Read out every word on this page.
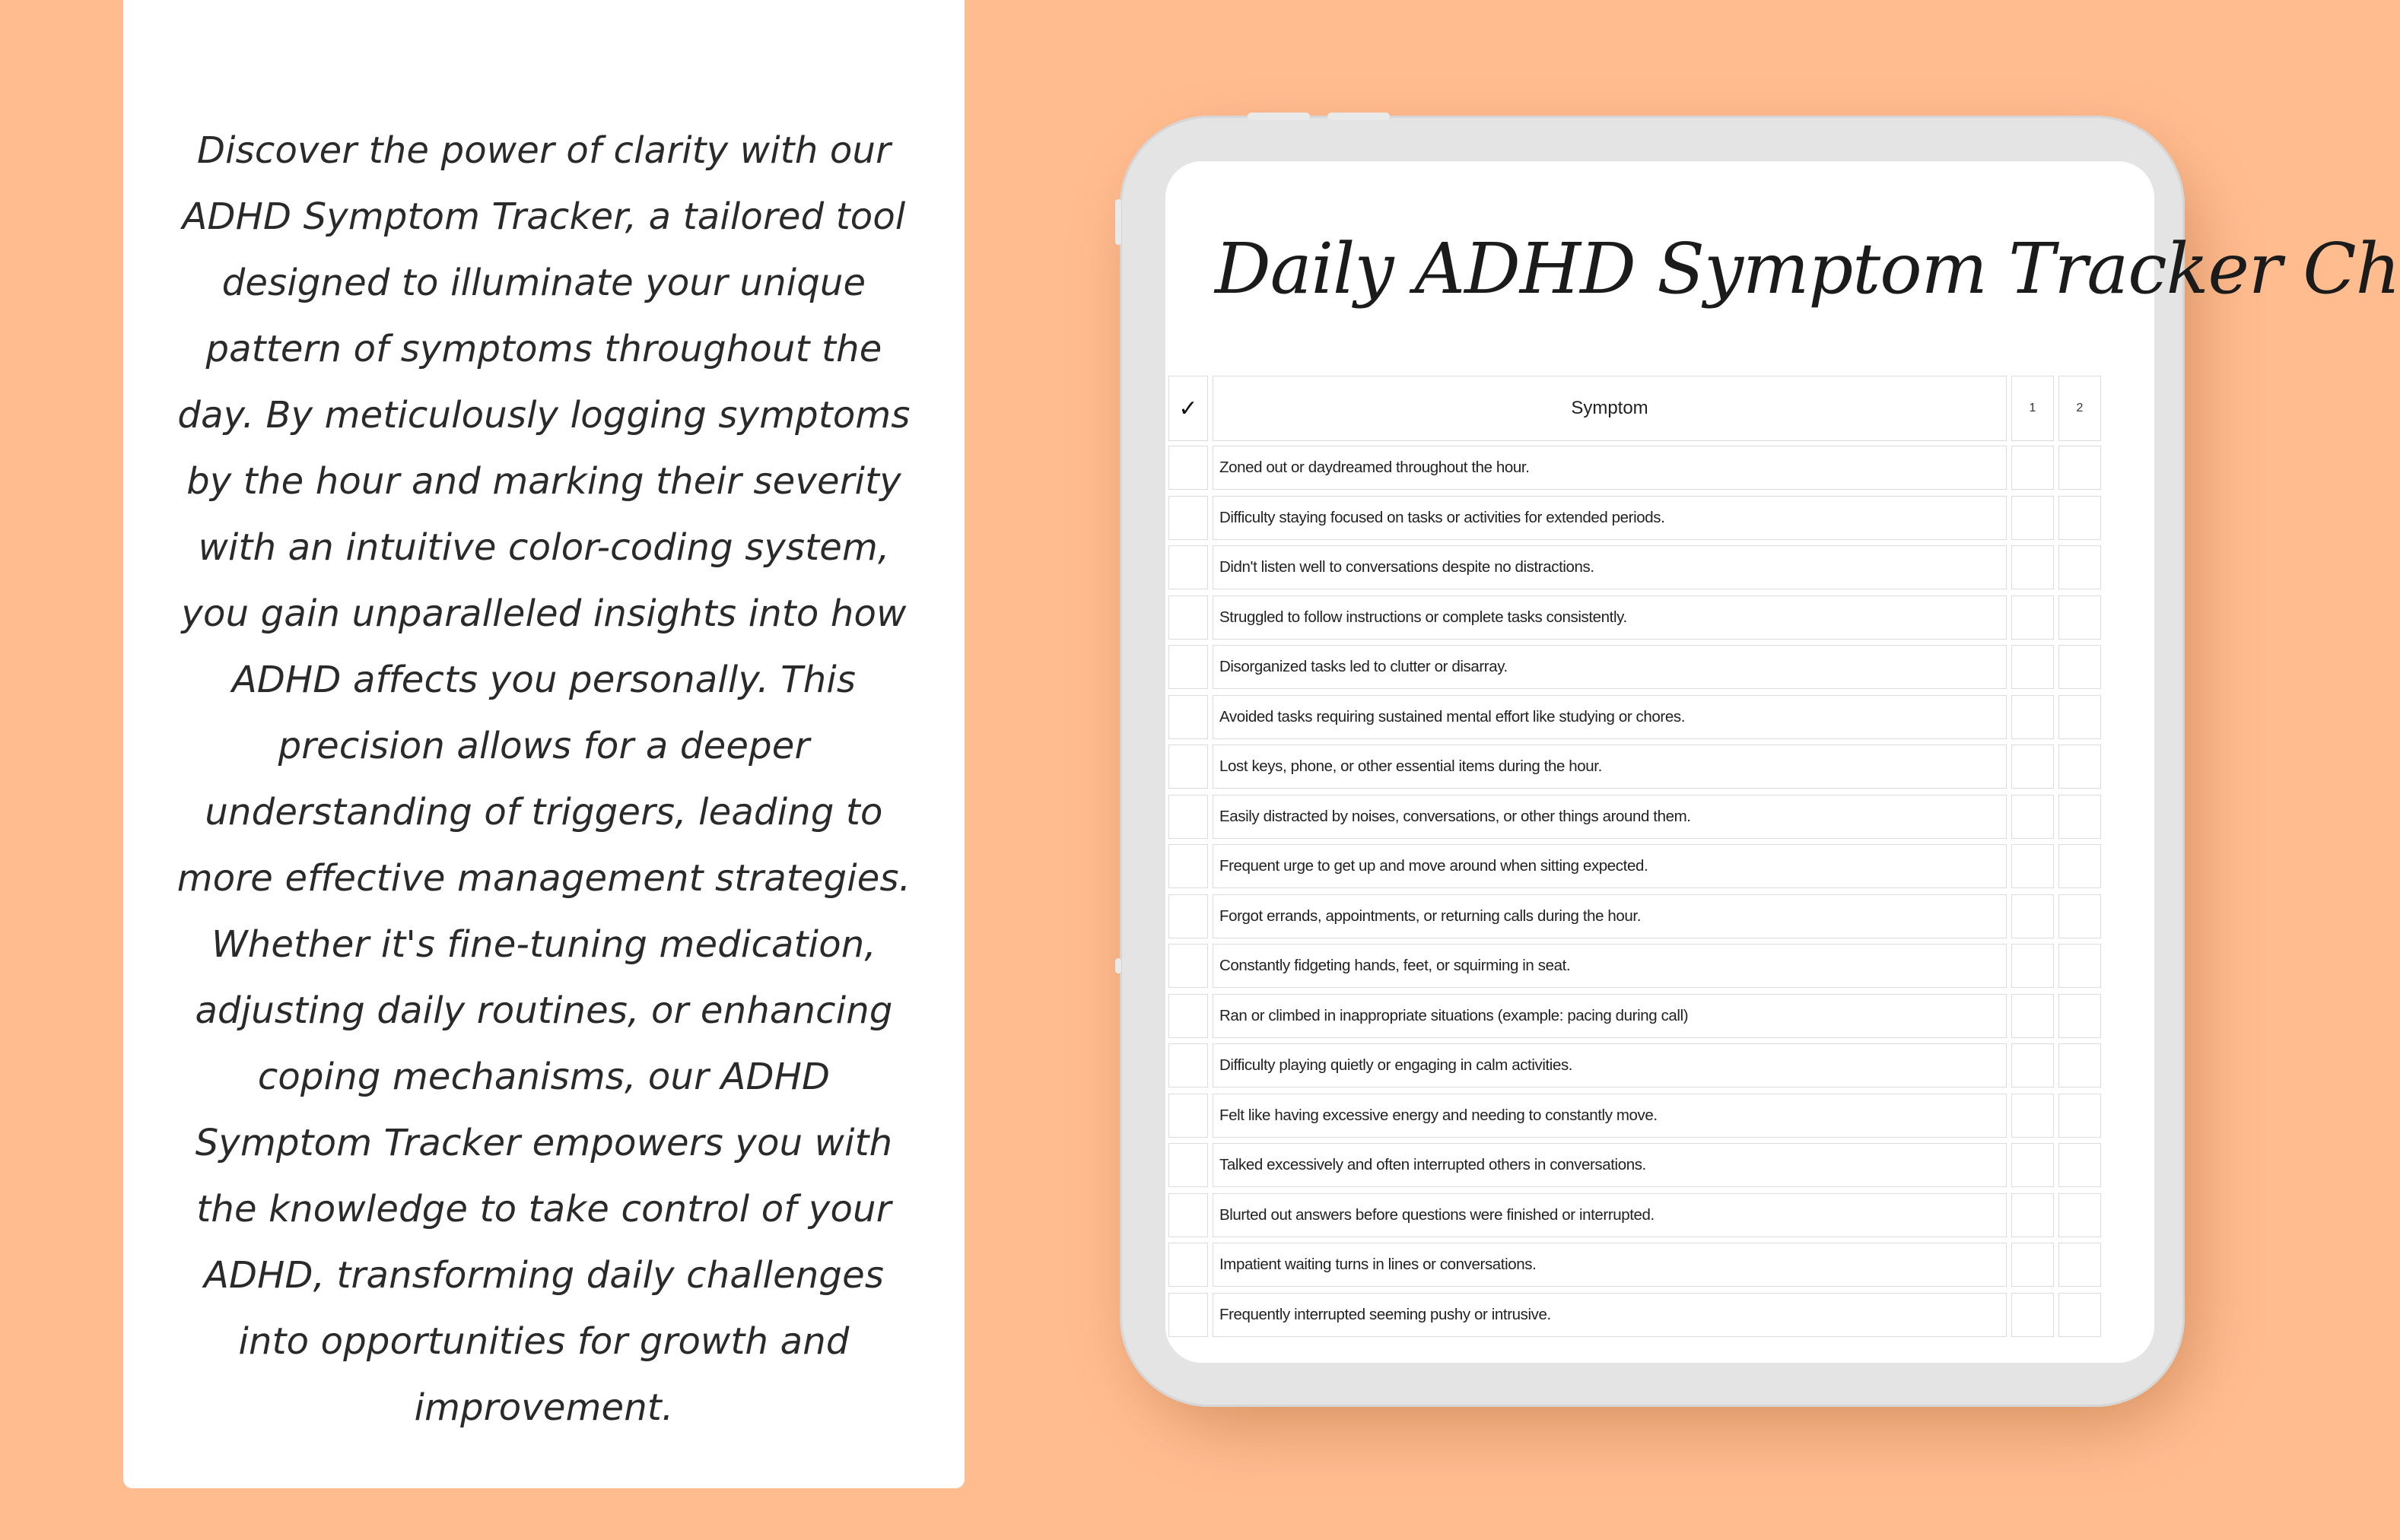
Discover the power of clarity with our ADHD Symptom Tracker, a tailored tool designed to illuminate your unique pattern of symptoms throughout the day. By meticulously logging symptoms by the hour and marking their severity with an intuitive color-coding system, you gain unparalleled insights into how ADHD affects you personally. This precision allows for a deeper understanding of triggers, leading to more effective management strategies. Whether it's fine-tuning medication, adjusting daily routines, or enhancing coping mechanisms, our ADHD Symptom Tracker empowers you with the knowledge to take control of your ADHD, transforming daily challenges into opportunities for growth and improvement.

Daily ADHD Symptom Tracker Ch
✓	Symptom	1	2
Zoned out or daydreamed throughout the hour.
Difficulty staying focused on tasks or activities for extended periods.
Didn't listen well to conversations despite no distractions.
Struggled to follow instructions or complete tasks consistently.
Disorganized tasks led to clutter or disarray.
Avoided tasks requiring sustained mental effort like studying or chores.
Lost keys, phone, or other essential items during the hour.
Easily distracted by noises, conversations, or other things around them.
Frequent urge to get up and move around when sitting expected.
Forgot errands, appointments, or returning calls during the hour.
Constantly fidgeting hands, feet, or squirming in seat.
Ran or climbed in inappropriate situations (example: pacing during call)
Difficulty playing quietly or engaging in calm activities.
Felt like having excessive energy and needing to constantly move.
Talked excessively and often interrupted others in conversations.
Blurted out answers before questions were finished or interrupted.
Impatient waiting turns in lines or conversations.
Frequently interrupted seeming pushy or intrusive.
